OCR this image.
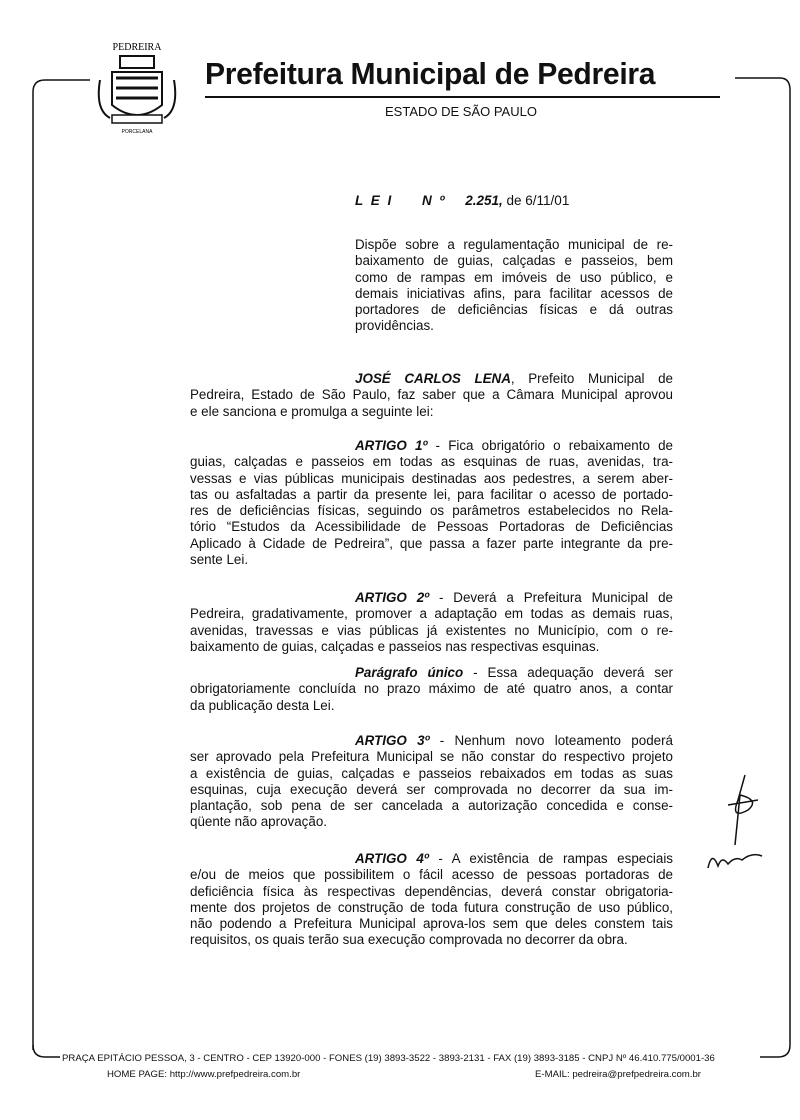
PEDREIRA
PORCELANA
Prefeitura Municipal de Pedreira
ESTADO DE SÃO PAULO
L E I     N º 2.251, de 6/11/01
Dispõe sobre a regulamentação municipal de re-
baixamento de guias, calçadas e passeios, bem
como de rampas em imóveis de uso público, e
demais iniciativas afins, para facilitar acessos de
portadores de deficiências físicas e dá outras
providências.
JOSÉ CARLOS LENA, Prefeito Municipal de
Pedreira, Estado de São Paulo, faz saber que a Câmara Municipal aprovou
e ele sanciona e promulga a seguinte lei:
ARTIGO 1º - Fica obrigatório o rebaixamento de
guias, calçadas e passeios em todas as esquinas de ruas, avenidas, tra-
vessas e vias públicas municipais destinadas aos pedestres, a serem aber-
tas ou asfaltadas a partir da presente lei, para facilitar o acesso de portado-
res de deficiências físicas, seguindo os parâmetros estabelecidos no Rela-
tório “Estudos da Acessibilidade de Pessoas Portadoras de Deficiências
Aplicado à Cidade de Pedreira”, que passa a fazer parte integrante da pre-
sente Lei.
ARTIGO 2º - Deverá a Prefeitura Municipal de
Pedreira, gradativamente, promover a adaptação em todas as demais ruas,
avenidas, travessas e vias públicas já existentes no Município, com o re-
baixamento de guias, calçadas e passeios nas respectivas esquinas.
Parágrafo único - Essa adequação deverá ser
obrigatoriamente concluída no prazo máximo de até quatro anos, a contar
da publicação desta Lei.
ARTIGO 3º - Nenhum novo loteamento poderá
ser aprovado pela Prefeitura Municipal se não constar do respectivo projeto
a existência de guias, calçadas e passeios rebaixados em todas as suas
esquinas, cuja execução deverá ser comprovada no decorrer da sua im-
plantação, sob pena de ser cancelada a autorização concedida e conse-
qüente não aprovação.
ARTIGO 4º - A existência de rampas especiais
e/ou de meios que possibilitem o fácil acesso de pessoas portadoras de
deficiência física às respectivas dependências, deverá constar obrigatoria-
mente dos projetos de construção de toda futura construção de uso público,
não podendo a Prefeitura Municipal aprova-los sem que deles constem tais
requisitos, os quais terão sua execução comprovada no decorrer da obra.
PRAÇA EPITÁCIO PESSOA, 3 - CENTRO - CEP 13920-000 - FONES (19) 3893-3522 - 3893-2131 - FAX (19) 3893-3185 - CNPJ Nº 46.410.775/0001-36
HOME PAGE: http://www.prefpedreira.com.br	E-MAIL: pedreira@prefpedreira.com.br
